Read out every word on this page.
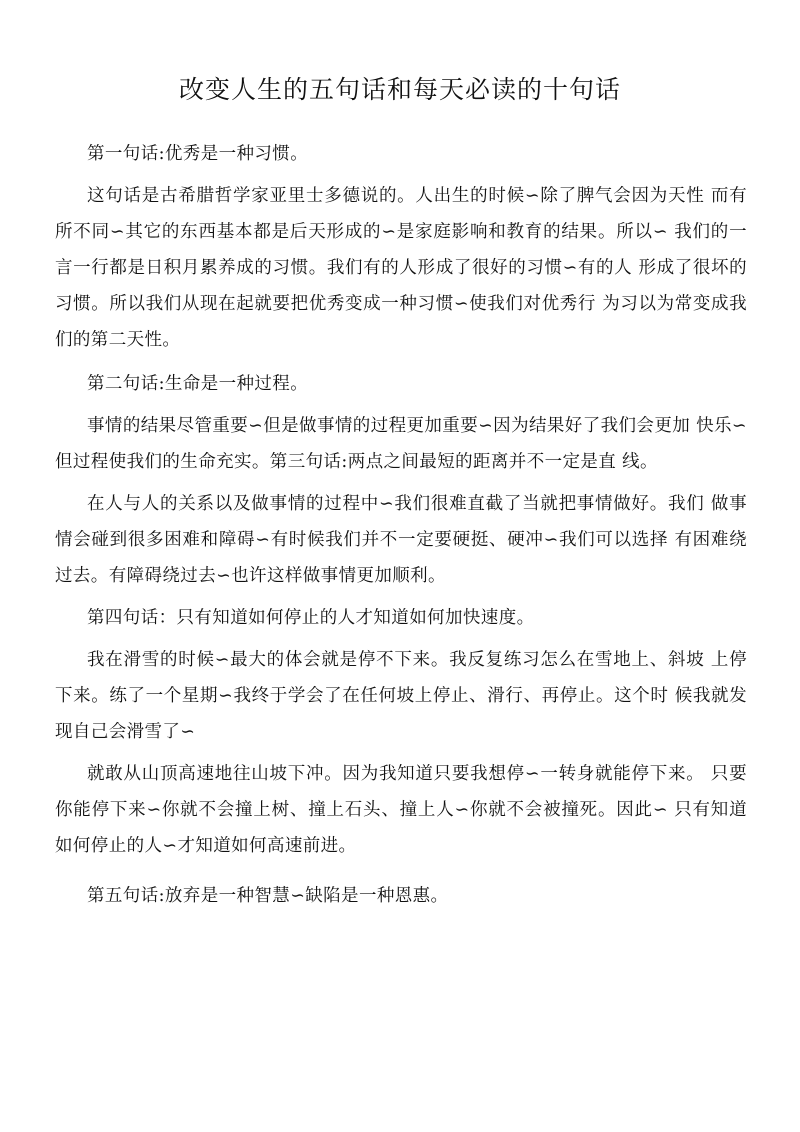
改变人生的五句话和每天必读的十句话

第一句话:优秀是一种习惯。

这句话是古希腊哲学家亚里士多德说的。人出生的时候∽除了脾气会因为天性 而有所不同∽其它的东西基本都是后天形成的∽是家庭影响和教育的结果。所以∽ 我们的一言一行都是日积月累养成的习惯。我们有的人形成了很好的习惯∽有的人 形成了很坏的习惯。所以我们从现在起就要把优秀变成一种习惯∽使我们对优秀行 为习以为常变成我们的第二天性。

第二句话:生命是一种过程。

事情的结果尽管重要∽但是做事情的过程更加重要∽因为结果好了我们会更加 快乐∽但过程使我们的生命充实。第三句话:两点之间最短的距离并不一定是直 线。

在人与人的关系以及做事情的过程中∽我们很难直截了当就把事情做好。我们 做事情会碰到很多困难和障碍∽有时候我们并不一定要硬挺、硬冲∽我们可以选择 有困难绕过去。有障碍绕过去∽也许这样做事情更加顺利。

第四句话：只有知道如何停止的人才知道如何加快速度。

我在滑雪的时候∽最大的体会就是停不下来。我反复练习怎么在雪地上、斜坡 上停下来。练了一个星期∽我终于学会了在任何坡上停止、滑行、再停止。这个时 候我就发现自己会滑雪了∽

就敢从山顶高速地往山坡下冲。因为我知道只要我想停∽一转身就能停下来。 只要你能停下来∽你就不会撞上树、撞上石头、撞上人∽你就不会被撞死。因此∽ 只有知道如何停止的人∽才知道如何高速前进。

第五句话:放弃是一种智慧∽缺陷是一种恩惠。
